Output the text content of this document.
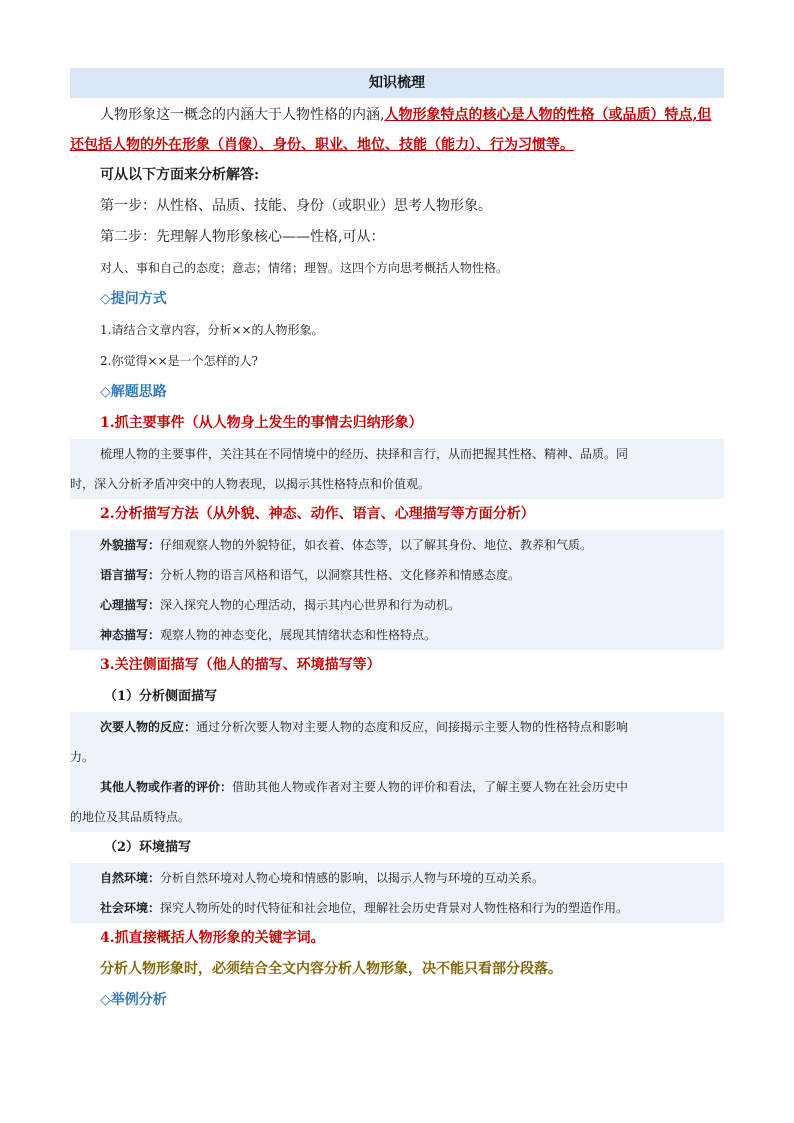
知识梳理
人物形象这一概念的内涵大于人物性格的内涵,人物形象特点的核心是人物的性格（或品质）特点,但
还包括人物的外在形象（肖像）、身份、职业、地位、技能（能力）、行为习惯等。
可从以下方面来分析解答:
第一步：从性格、品质、技能、身份（或职业）思考人物形象。
第二步：先理解人物形象核心——性格,可从：
对人、事和自己的态度；意志；情绪；理智。这四个方向思考概括人物性格。
◇提问方式
1.请结合文章内容，分析××的人物形象。
2.你觉得××是一个怎样的人?
◇解题思路
1.抓主要事件（从人物身上发生的事情去归纳形象）
梳理人物的主要事件，关注其在不同情境中的经历、抉择和言行，从而把握其性格、精神、品质。同
时，深入分析矛盾冲突中的人物表现，以揭示其性格特点和价值观。
2.分析描写方法（从外貌、神态、动作、语言、心理描写等方面分析）
外貌描写：仔细观察人物的外貌特征，如衣着、体态等，以了解其身份、地位、教养和气质。
语言描写：分析人物的语言风格和语气，以洞察其性格、文化修养和情感态度。
心理描写：深入探究人物的心理活动，揭示其内心世界和行为动机。
神态描写：观察人物的神态变化，展现其情绪状态和性格特点。
3.关注侧面描写（他人的描写、环境描写等）
（1）分析侧面描写
次要人物的反应：通过分析次要人物对主要人物的态度和反应，间接揭示主要人物的性格特点和影响
力。
其他人物或作者的评价：借助其他人物或作者对主要人物的评价和看法，了解主要人物在社会历史中
的地位及其品质特点。
（2）环境描写
自然环境：分析自然环境对人物心境和情感的影响，以揭示人物与环境的互动关系。
社会环境：探究人物所处的时代特征和社会地位，理解社会历史背景对人物性格和行为的塑造作用。
4.抓直接概括人物形象的关键字词。
分析人物形象时，必须结合全文内容分析人物形象，决不能只看部分段落。
◇举例分析
